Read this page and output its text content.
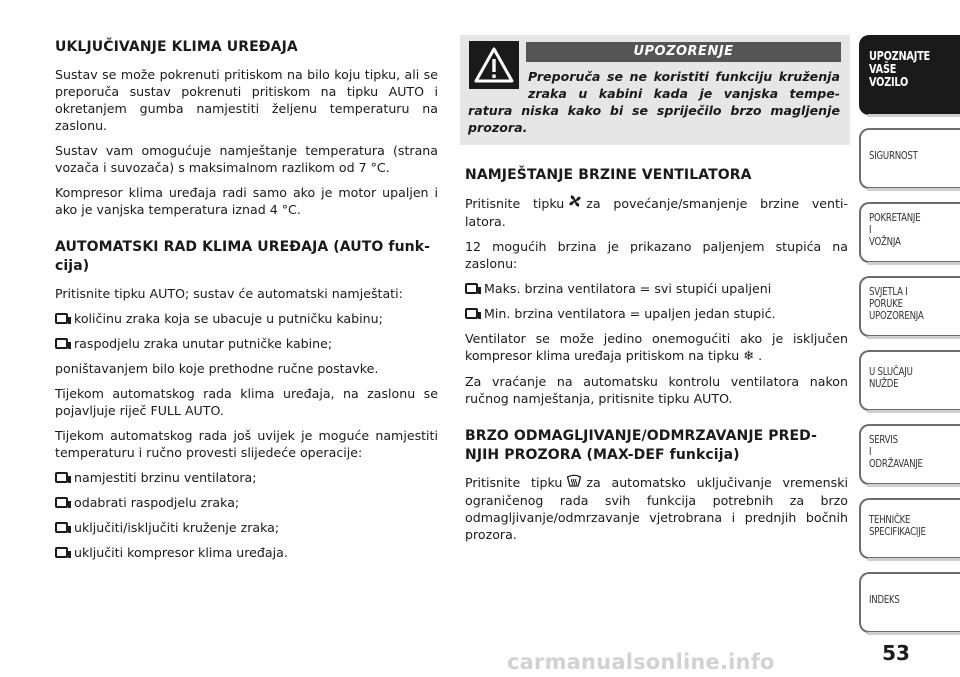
UKLJUČIVANJE KLIMA UREĐAJA

Sustav se može pokrenuti pritiskom na bilo koju tipku, ali se preporuča sustav pokrenuti pritiskom na tipku AUTO i okretanjem gumba namjestiti željenu temperaturu na zaslonu.

Sustav vam omogućuje namještanje temperatura (strana vozača i suvozača) s maksimalnom razlikom od 7 °C.

Kompresor klima uređaja radi samo ako je motor upaljen i ako je vanjska temperatura iznad 4 °C.

AUTOMATSKI RAD KLIMA UREĐAJA (AUTO funk-cija)

Pritisnite tipku AUTO; sustav će automatski namještati:

količinu zraka koja se ubacuje u putničku kabinu;
raspodjelu zraka unutar putničke kabine;

poništavanjem bilo koje prethodne ručne postavke.

Tijekom automatskog rada klima uređaja, na zaslonu se pojavljuje riječ FULL AUTO.

Tijekom automatskog rada još uvijek je moguće namjestiti temperaturu i ručno provesti slijedeće operacije:

namjestiti brzinu ventilatora;
odabrati raspodjelu zraka;
uključiti/isključiti kruženje zraka;
uključiti kompresor klima uređaja.
UPOZORENJE
Preporuča se ne koristiti funkciju kruženja zraka u kabini kada je vanjska tempe-ratura niska kako bi se spriječilo brzo magljenje prozora.
NAMJEŠTANJE BRZINE VENTILATORA

Pritisnite tipku za povećanje/smanjenje brzine venti-latora.

12 mogućih brzina je prikazano paljenjem stupića na zaslonu:

Maks. brzina ventilatora = svi stupići upaljeni
Min. brzina ventilatora = upaljen jedan stupić.

Ventilator se može jedino onemogućiti ako je isključen kompresor klima uređaja pritiskom na tipku ❄ .

Za vraćanje na automatsku kontrolu ventilatora nakon ručnog namještanja, pritisnite tipku AUTO.

BRZO ODMAGLJIVANJE/ODMRZAVANJE PRED-NJIH PROZORA (MAX-DEF funkcija)

Pritisnite tipku za automatsko uključivanje vremenski ograničenog rada svih funkcija potrebnih za brzo odmagljivanje/odmrzavanje vjetrobrana i prednjih bočnih prozora.

UPOZNAJTE
VAŠE
VOZILO
SIGURNOST
POKRETANJE
I
VOŽNJA
SVJETLA I
PORUKE
UPOZORENJA
U SLUČAJU
NUŽDE
SERVIS
I
ODRŽAVANJE
TEHNIČKE
SPECIFIKACIJE
INDEKS
53
carmanualsonline.info
